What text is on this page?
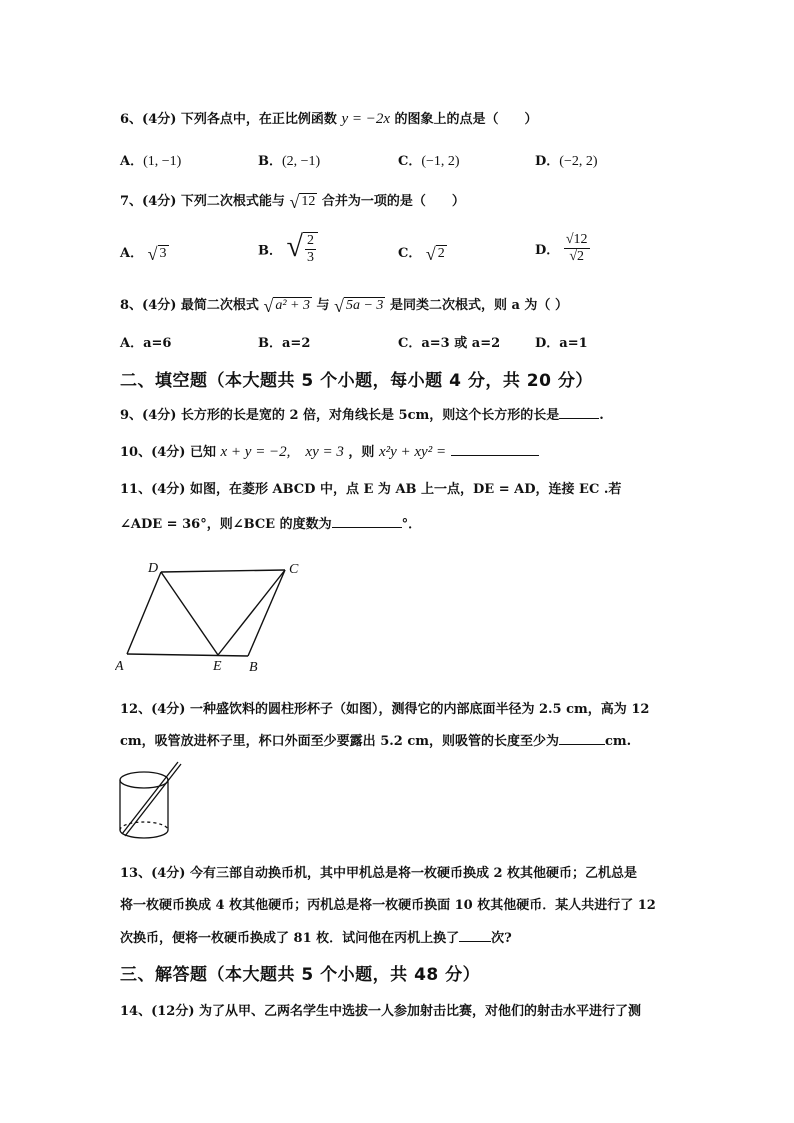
6、(4分) 下列各点中，在正比例函数 y = −2x 的图象上的点是（　　）
A．(1, −1)	B．(2, −1)	C．(−1, 2)	D．(−2, 2)
7、(4分) 下列二次根式能与 √ 12 合并为一项的是（　　）
A． √ 3	B． √ $\frac{2}{3}$	C． √ 2	D． $\frac{√12}{√2}$
8、(4分) 最简二次根式 √ a² + 3 与 √ 5a − 3 是同类二次根式，则 a 为（ ）
A．a=6	B．a=2	C．a=3 或 a=2	D．a=1
二、填空题（本大题共 5 个小题，每小题 4 分，共 20 分）
9、(4分) 长方形的长是宽的 2 倍，对角线长是 5cm，则这个长方形的长是	.
10、(4分) 已知 x + y = −2,　xy = 3 ，则 x²y + xy² =
11、(4分) 如图，在菱形 ABCD 中，点 E 为 AB 上一点，DE = AD，连接 EC .若
∠ADE = 36°，则∠BCE 的度数为	°．
D	C
A	E B
12、(4分) 一种盛饮料的圆柱形杯子（如图），测得它的内部底面半径为 2.5 cm，高为 12
cm，吸管放进杯子里，杯口外面至少要露出 5.2 cm，则吸管的长度至少为	cm.
13、(4分) 今有三部自动换币机，其中甲机总是将一枚硬币换成 2 枚其他硬币；乙机总是
将一枚硬币换成 4 枚其他硬币；丙机总是将一枚硬币换面 10 枚其他硬币．某人共进行了 12
次换币，便将一枚硬币换成了 81 枚．试问他在丙机上换了 次?
三、解答题（本大题共 5 个小题，共 48 分）
14、(12分) 为了从甲、乙两名学生中选拔一人参加射击比赛，对他们的射击水平进行了测
